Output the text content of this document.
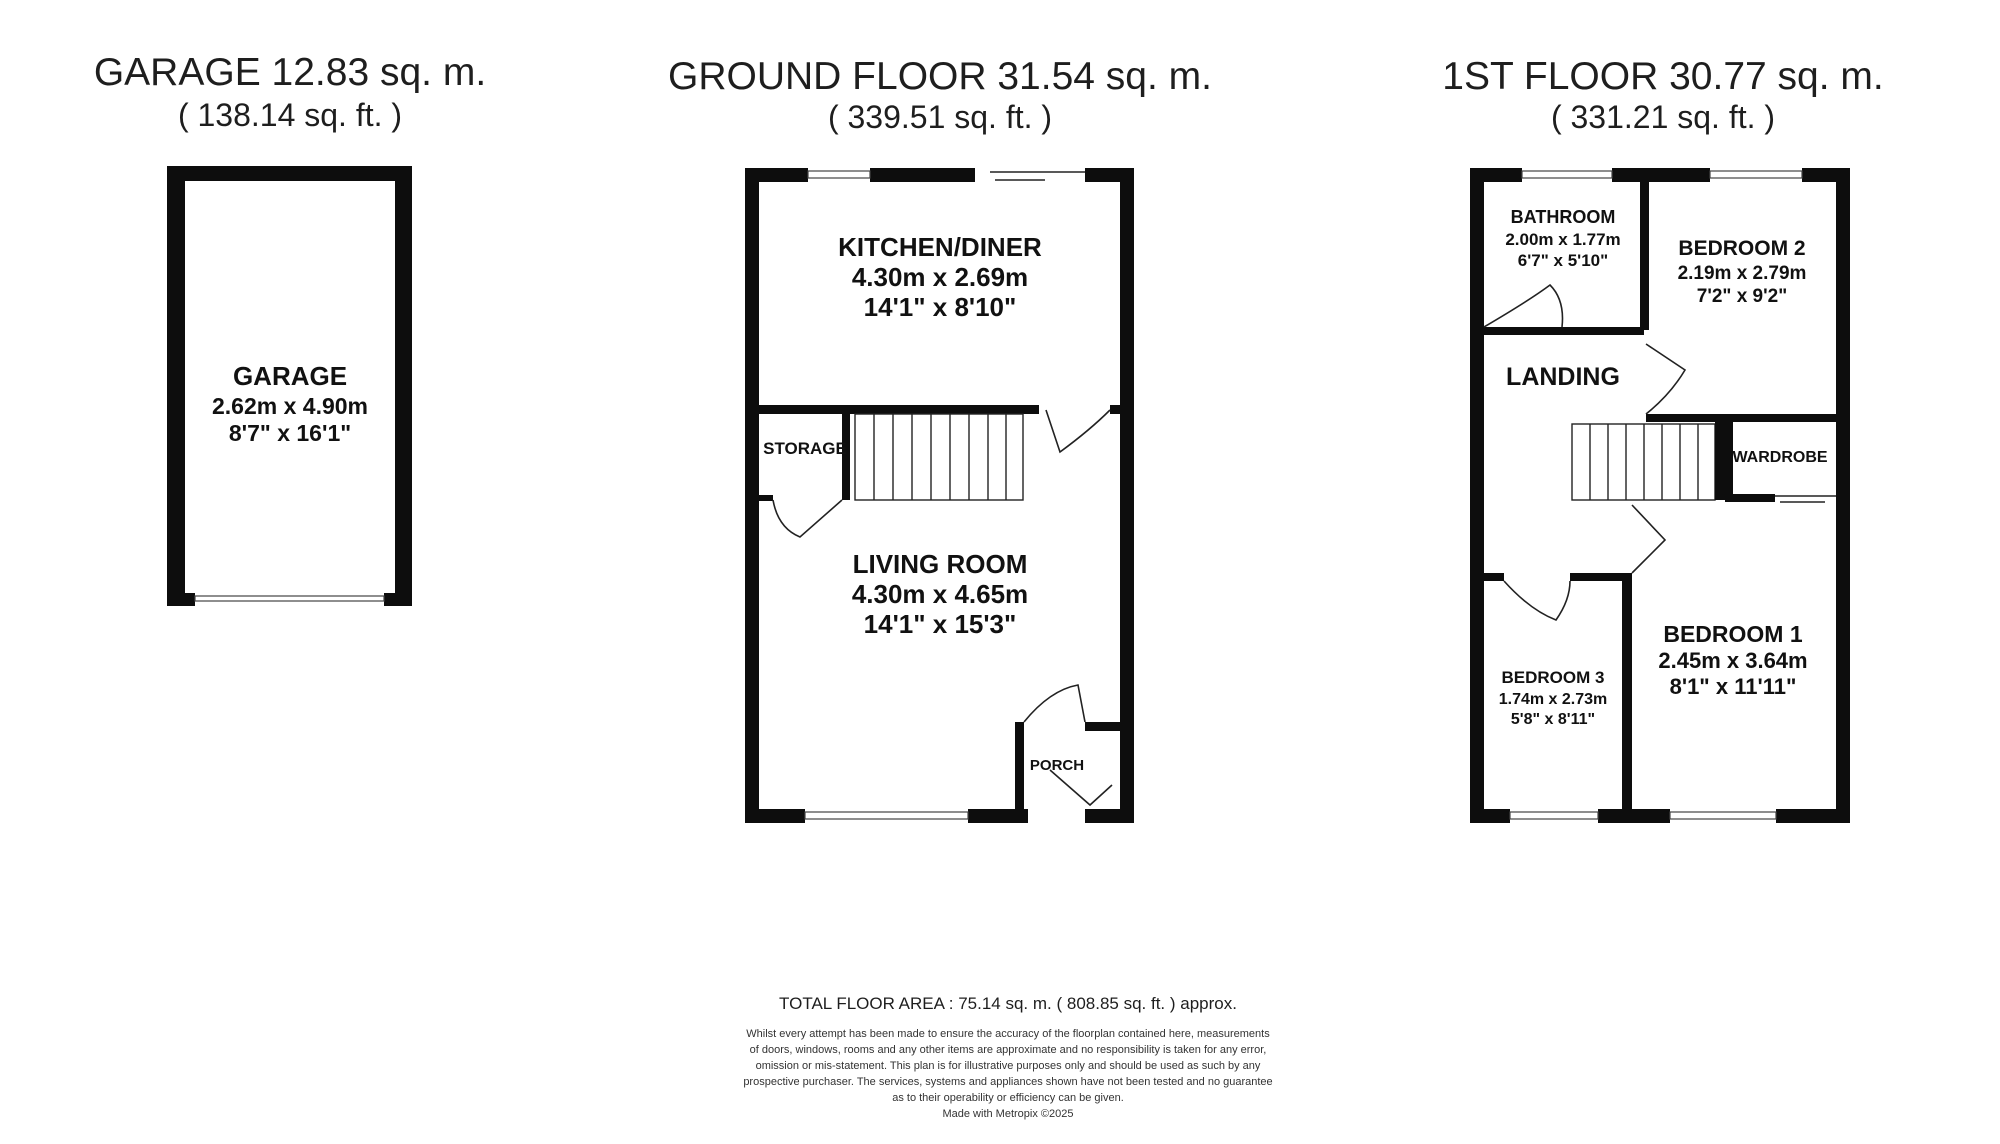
GARAGE 12.83 sq. m.
( 138.14 sq. ft. )
GROUND FLOOR 31.54 sq. m.
( 339.51 sq. ft. )
1ST FLOOR 30.77 sq. m.
( 331.21 sq. ft. )
GARAGE
2.62m x 4.90m
8'7" x 16'1"
KITCHEN/DINER
4.30m x 2.69m
14'1" x 8'10"
STORAGE
LIVING ROOM
4.30m x 4.65m
14'1" x 15'3"
PORCH
BATHROOM
2.00m x 1.77m
6'7" x 5'10"
BEDROOM 2
2.19m x 2.79m
7'2" x 9'2"
LANDING
WARDROBE
BEDROOM 3
1.74m x 2.73m
5'8" x 8'11"
BEDROOM 1
2.45m x 3.64m
8'1" x 11'11"
TOTAL FLOOR AREA : 75.14 sq. m. ( 808.85 sq. ft. ) approx.
Whilst every attempt has been made to ensure the accuracy of the floorplan contained here, measurements
of doors, windows, rooms and any other items are approximate and no responsibility is taken for any error,
omission or mis-statement. This plan is for illustrative purposes only and should be used as such by any
prospective purchaser. The services, systems and appliances shown have not been tested and no guarantee
as to their operability or efficiency can be given.
Made with Metropix ©2025
